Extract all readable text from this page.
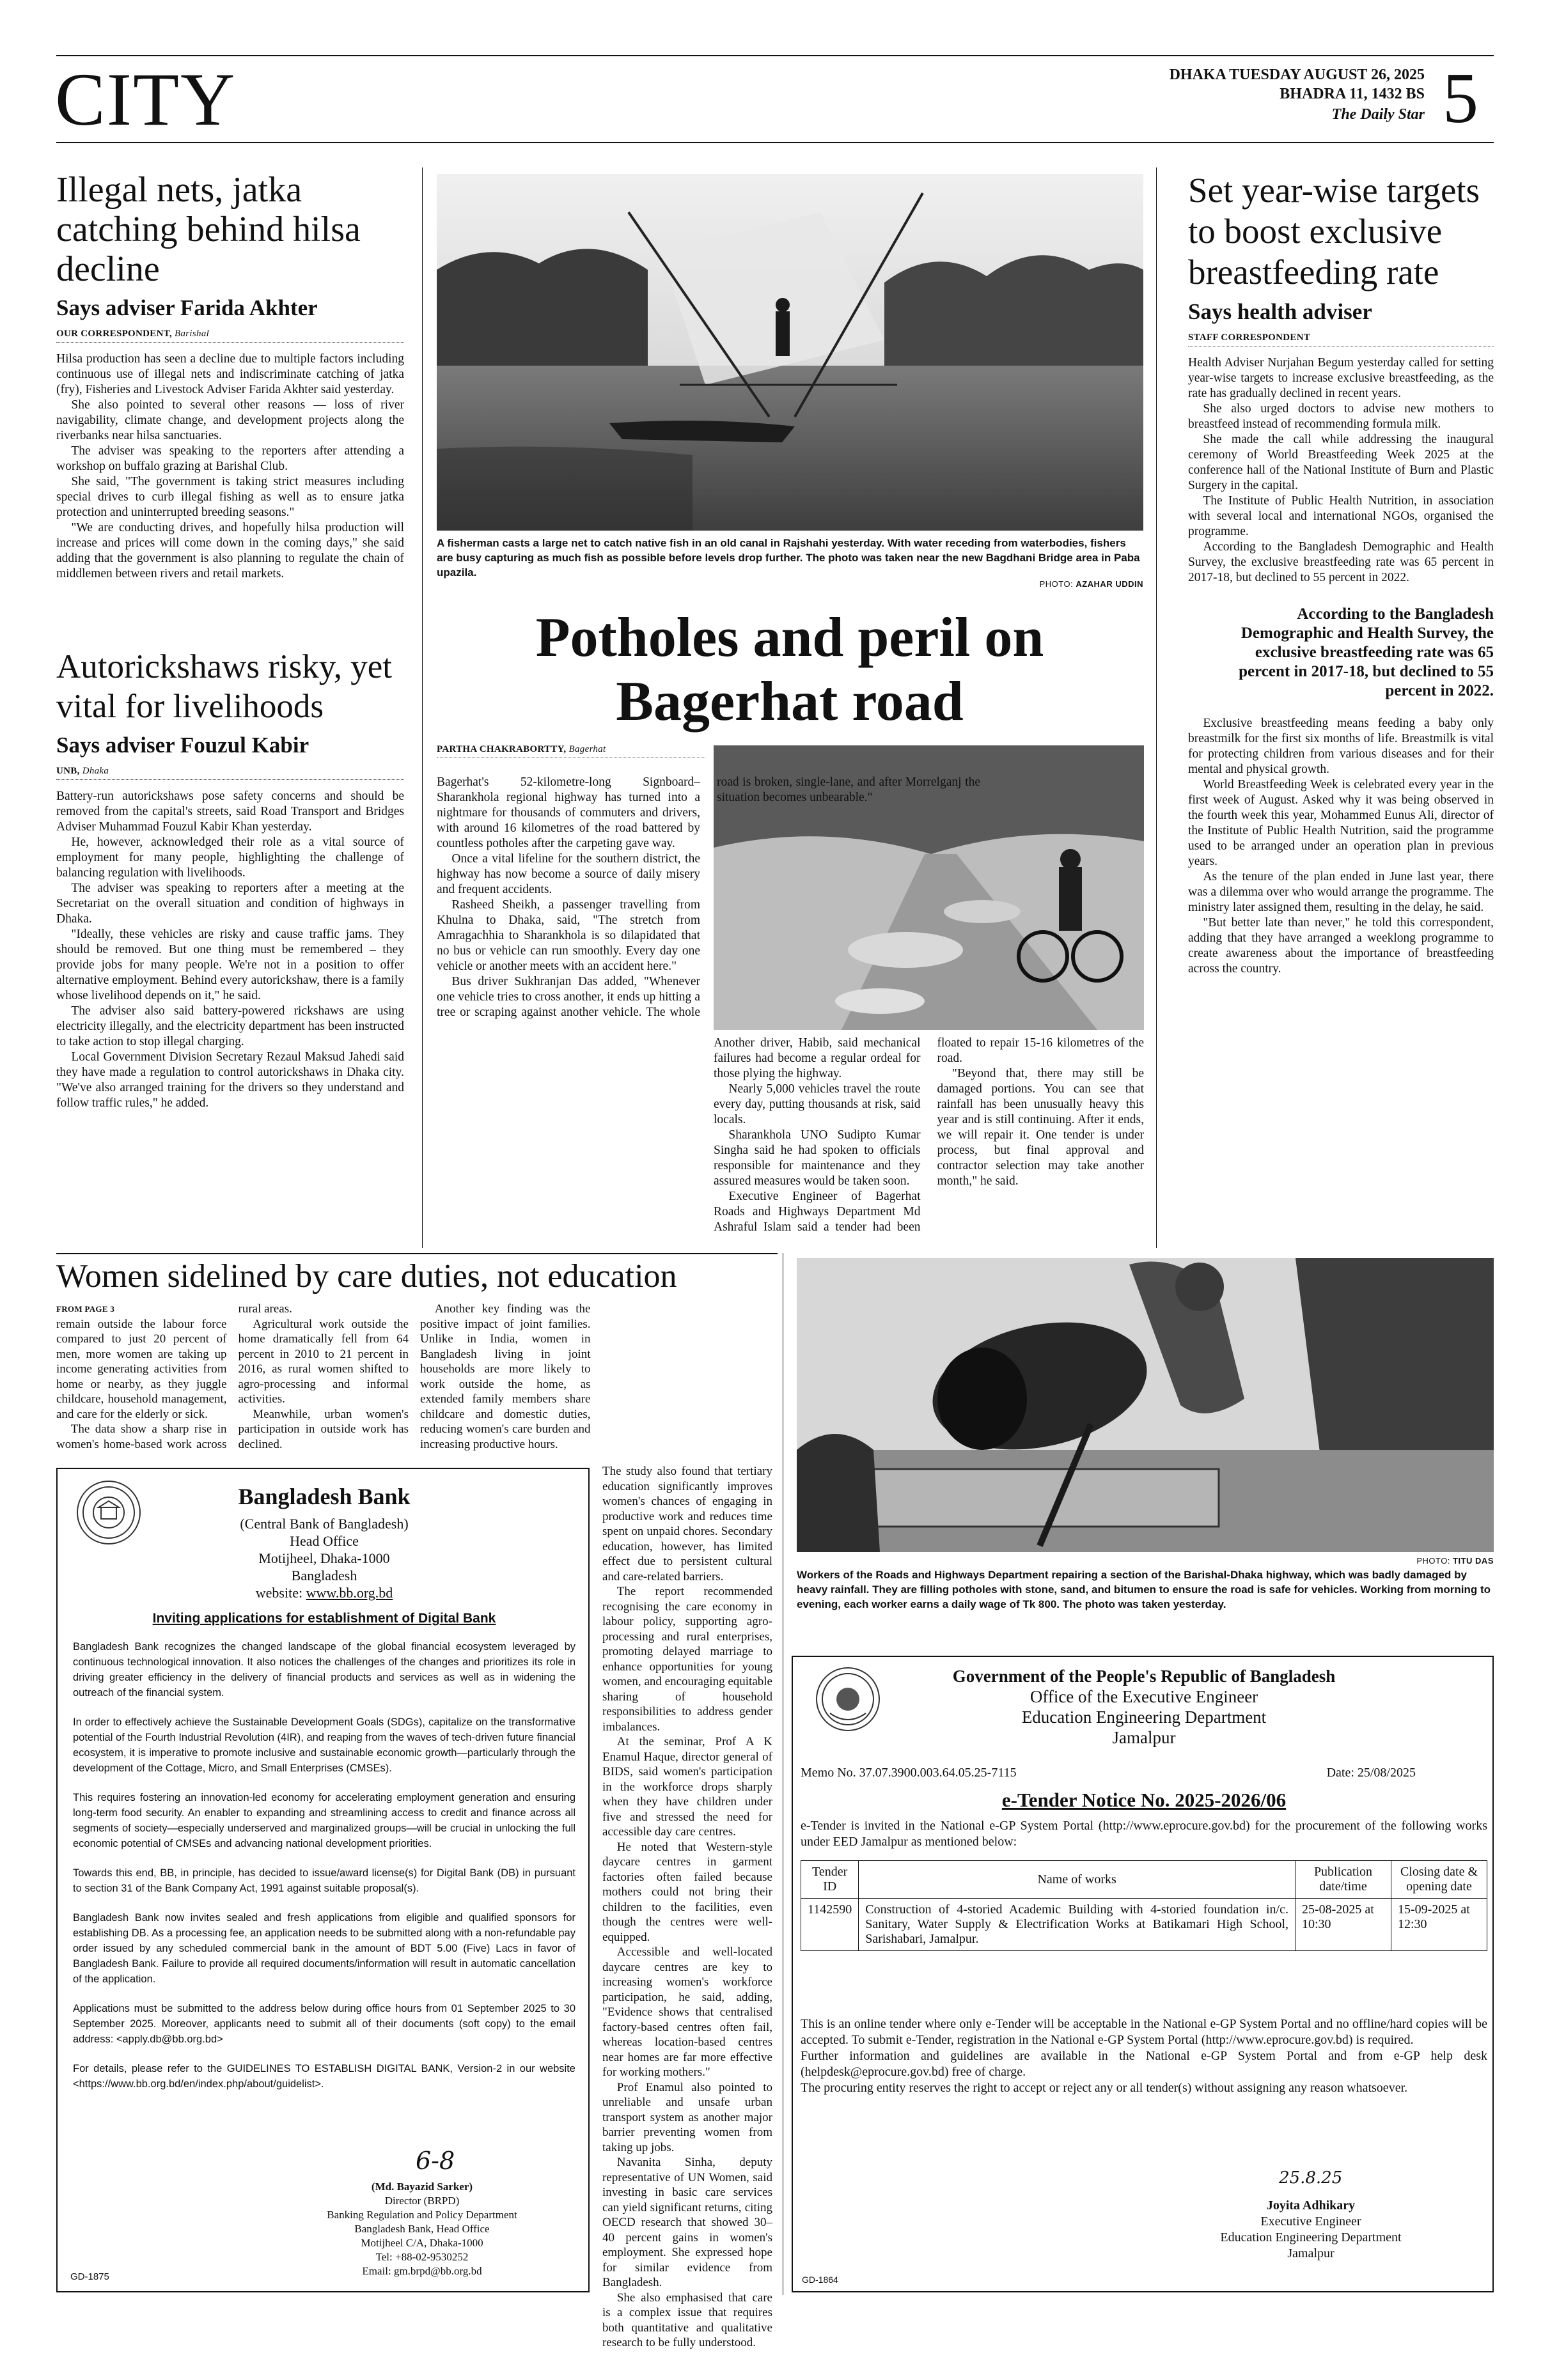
CITY	DHAKA TUESDAY AUGUST 26, 2025
BHADRA 11, 1432 BS
The Daily Star 5
Illegal nets, jatka catching behind hilsa decline
Says adviser Farida Akhter
OUR CORRESPONDENT, Barishal

Hilsa production has seen a decline due to multiple factors including continuous use of illegal nets and indiscriminate catching of jatka (fry), Fisheries and Livestock Adviser Farida Akhter said yesterday.

She also pointed to several other reasons — loss of river navigability, climate change, and development projects along the riverbanks near hilsa sanctuaries.

The adviser was speaking to the reporters after attending a workshop on buffalo grazing at Barishal Club.

She said, "The government is taking strict measures including special drives to curb illegal fishing as well as to ensure jatka protection and uninterrupted breeding seasons."

"We are conducting drives, and hopefully hilsa production will increase and prices will come down in the coming days," she said adding that the government is also planning to regulate the chain of middlemen between rivers and retail markets.

Autorickshaws risky, yet vital for livelihoods
Says adviser Fouzul Kabir
UNB, Dhaka

Battery-run autorickshaws pose safety concerns and should be removed from the capital's streets, said Road Transport and Bridges Adviser Muhammad Fouzul Kabir Khan yesterday.

He, however, acknowledged their role as a vital source of employment for many people, highlighting the challenge of balancing regulation with livelihoods.

The adviser was speaking to reporters after a meeting at the Secretariat on the overall situation and condition of highways in Dhaka.

"Ideally, these vehicles are risky and cause traffic jams. They should be removed. But one thing must be remembered – they provide jobs for many people. We're not in a position to offer alternative employment. Behind every autorickshaw, there is a family whose livelihood depends on it," he said.

The adviser also said battery-powered rickshaws are using electricity illegally, and the electricity department has been instructed to take action to stop illegal charging.

Local Government Division Secretary Rezaul Maksud Jahedi said they have made a regulation to control autorickshaws in Dhaka city. "We've also arranged training for the drivers so they understand and follow traffic rules," he added.

A fisherman casts a large net to catch native fish in an old canal in Rajshahi yesterday. With water receding from waterbodies, fishers are busy capturing as much fish as possible before levels drop further. The photo was taken near the new Bagdhani Bridge area in Paba upazila.
PHOTO: AZAHAR UDDIN
Potholes and peril on Bagerhat road
PARTHA CHAKRABORTTY, Bagerhat

Bagerhat's 52-kilometre-long Signboard–Sharankhola regional highway has turned into a nightmare for thousands of commuters and drivers, with around 16 kilometres of the road battered by countless potholes after the carpeting gave way.

Once a vital lifeline for the southern district, the highway has now become a source of daily misery and frequent accidents.

Rasheed Sheikh, a passenger travelling from Khulna to Dhaka, said, "The stretch from Amragachhia to Sharankhola is so dilapidated that no bus or vehicle can run smoothly. Every day one vehicle or another meets with an accident here."

Bus driver Sukhranjan Das added, "Whenever one vehicle tries to cross another, it ends up hitting a tree or scraping against another vehicle. The whole road is broken, single-lane, and after Morrelganj the situation becomes unbearable."

Another driver, Habib, said mechanical failures had become a regular ordeal for those plying the highway.

Nearly 5,000 vehicles travel the route every day, putting thousands at risk, said locals.

Sharankhola UNO Sudipto Kumar Singha said he had spoken to officials responsible for maintenance and they assured measures would be taken soon.

Executive Engineer of Bagerhat Roads and Highways Department Md Ashraful Islam said a tender had been floated to repair 15-16 kilometres of the road.

"Beyond that, there may still be damaged portions. You can see that rainfall has been unusually heavy this year and is still continuing. After it ends, we will repair it. One tender is under process, but final approval and contractor selection may take another month," he said.

Set year-wise targets to boost exclusive breastfeeding rate
Says health adviser
STAFF CORRESPONDENT

Health Adviser Nurjahan Begum yesterday called for setting year-wise targets to increase exclusive breastfeeding, as the rate has gradually declined in recent years.

She also urged doctors to advise new mothers to breastfeed instead of recommending formula milk.

She made the call while addressing the inaugural ceremony of World Breastfeeding Week 2025 at the conference hall of the National Institute of Burn and Plastic Surgery in the capital.

The Institute of Public Health Nutrition, in association with several local and international NGOs, organised the programme.

According to the Bangladesh Demographic and Health Survey, the exclusive breastfeeding rate was 65 percent in 2017-18, but declined to 55 percent in 2022.

According to the Bangladesh Demographic and Health Survey, the exclusive breastfeeding rate was 65 percent in 2017-18, but declined to 55 percent in 2022.

Exclusive breastfeeding means feeding a baby only breastmilk for the first six months of life. Breastmilk is vital for protecting children from various diseases and for their mental and physical growth.

World Breastfeeding Week is celebrated every year in the first week of August. Asked why it was being observed in the fourth week this year, Mohammed Eunus Ali, director of the Institute of Public Health Nutrition, said the programme used to be arranged under an operation plan in previous years.

As the tenure of the plan ended in June last year, there was a dilemma over who would arrange the programme. The ministry later assigned them, resulting in the delay, he said.

"But better late than never," he told this correspondent, adding that they have arranged a weeklong programme to create awareness about the importance of breastfeeding across the country.

Women sidelined by care duties, not education
FROM PAGE 3

remain outside the labour force compared to just 20 percent of men, more women are taking up income generating activities from home or nearby, as they juggle childcare, household management, and care for the elderly or sick.

The data show a sharp rise in women's home-based work across rural areas.

Agricultural work outside the home dramatically fell from 64 percent in 2010 to 21 percent in 2016, as rural women shifted to agro-processing and informal activities.

Meanwhile, urban women's participation in outside work has declined.

Another key finding was the positive impact of joint families. Unlike in India, women in Bangladesh living in joint households are more likely to work outside the home, as extended family members share childcare and domestic duties, reducing women's care burden and increasing productive hours.

The study also found that tertiary education significantly improves women's chances of engaging in productive work and reduces time spent on unpaid chores. Secondary education, however, has limited effect due to persistent cultural and care-related barriers.

The report recommended recognising the care economy in labour policy, supporting agro-processing and rural enterprises, promoting delayed marriage to enhance opportunities for young women, and encouraging equitable sharing of household responsibilities to address gender imbalances.

At the seminar, Prof A K Enamul Haque, director general of BIDS, said women's participation in the workforce drops sharply when they have children under five and stressed the need for accessible day care centres.

He noted that Western-style daycare centres in garment factories often failed because mothers could not bring their children to the facilities, even though the centres were well-equipped.

Accessible and well-located daycare centres are key to increasing women's workforce participation, he said, adding, "Evidence shows that centralised factory-based centres often fail, whereas location-based centres near homes are far more effective for working mothers."

Prof Enamul also pointed to unreliable and unsafe urban transport system as another major barrier preventing women from taking up jobs.

Navanita Sinha, deputy representative of UN Women, said investing in basic care services can yield significant returns, citing OECD research that showed 30–40 percent gains in women's employment. She expressed hope for similar evidence from Bangladesh.

She also emphasised that care is a complex issue that requires both quantitative and qualitative research to be fully understood.

PHOTO: TITU DAS
Workers of the Roads and Highways Department repairing a section of the Barishal-Dhaka highway, which was badly damaged by heavy rainfall. They are filling potholes with stone, sand, and bitumen to ensure the road is safe for vehicles. Working from morning to evening, each worker earns a daily wage of Tk 800. The photo was taken yesterday.
Bangladesh Bank
(Central Bank of Bangladesh)
Head Office
Motijheel, Dhaka-1000
Bangladesh
website: www.bb.org.bd
Inviting applications for establishment of Digital Bank

Bangladesh Bank recognizes the changed landscape of the global financial ecosystem leveraged by continuous technological innovation. It also notices the challenges of the changes and prioritizes its role in driving greater efficiency in the delivery of financial products and services as well as in widening the outreach of the financial system.

In order to effectively achieve the Sustainable Development Goals (SDGs), capitalize on the transformative potential of the Fourth Industrial Revolution (4IR), and reaping from the waves of tech-driven future financial ecosystem, it is imperative to promote inclusive and sustainable economic growth—particularly through the development of the Cottage, Micro, and Small Enterprises (CMSEs).

This requires fostering an innovation-led economy for accelerating employment generation and ensuring long-term food security. An enabler to expanding and streamlining access to credit and finance across all segments of society—especially underserved and marginalized groups—will be crucial in unlocking the full economic potential of CMSEs and advancing national development priorities.

Towards this end, BB, in principle, has decided to issue/award license(s) for Digital Bank (DB) in pursuant to section 31 of the Bank Company Act, 1991 against suitable proposal(s).

Bangladesh Bank now invites sealed and fresh applications from eligible and qualified sponsors for establishing DB. As a processing fee, an application needs to be submitted along with a non-refundable pay order issued by any scheduled commercial bank in the amount of BDT 5.00 (Five) Lacs in favor of Bangladesh Bank. Failure to provide all required documents/information will result in automatic cancellation of the application.

Applications must be submitted to the address below during office hours from 01 September 2025 to 30 September 2025. Moreover, applicants need to submit all of their documents (soft copy) to the email address: <apply.db@bb.org.bd>

For details, please refer to the GUIDELINES TO ESTABLISH DIGITAL BANK, Version-2 in our website <https://www.bb.org.bd/en/index.php/about/guidelist>.

6-8
(Md. Bayazid Sarker)
Director (BRPD)
Banking Regulation and Policy Department
Bangladesh Bank, Head Office
Motijheel C/A, Dhaka-1000
Tel: +88-02-9530252
Email: gm.brpd@bb.org.bd
GD-1875
Government of the People's Republic of Bangladesh
Office of the Executive Engineer
Education Engineering Department
Jamalpur
Memo No. 37.07.3900.003.64.05.25-7115	Date: 25/08/2025
e-Tender Notice No. 2025-2026/06
e-Tender is invited in the National e-GP System Portal (http://www.eprocure.gov.bd) for the procurement of the following works under EED Jamalpur as mentioned below:
Tender ID	Name of works	Publication date/time	Closing date & opening date
1142590	Construction of 4-storied Academic Building with 4-storied foundation in/c. Sanitary, Water Supply & Electrification Works at Batikamari High School, Sarishabari, Jamalpur.	25-08-2025 at 10:30	15-09-2025 at 12:30
This is an online tender where only e-Tender will be acceptable in the National e-GP System Portal and no offline/hard copies will be accepted. To submit e-Tender, registration in the National e-GP System Portal (http://www.eprocure.gov.bd) is required.
Further information and guidelines are available in the National e-GP System Portal and from e-GP help desk (helpdesk@eprocure.gov.bd) free of charge.
The procuring entity reserves the right to accept or reject any or all tender(s) without assigning any reason whatsoever.
25.8.25
Joyita Adhikary
Executive Engineer
Education Engineering Department
Jamalpur
GD-1864
